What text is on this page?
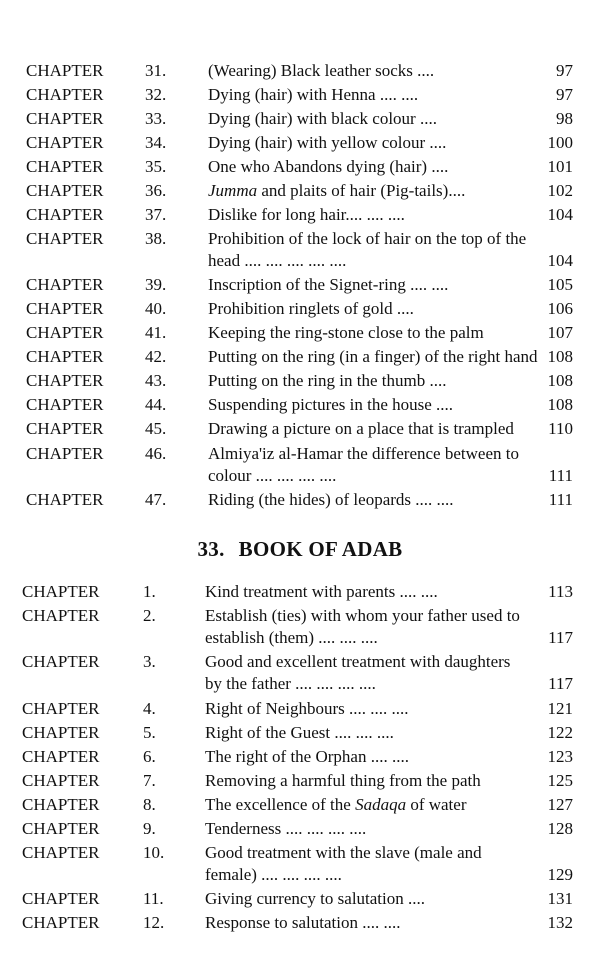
CHAPTER 31. (Wearing) Black leather socks ....	97
CHAPTER 32. Dying (hair) with Henna .... ....	97
CHAPTER 33. Dying (hair) with black colour ....	98
CHAPTER 34. Dying (hair) with yellow colour ....	100
CHAPTER 35. One who Abandons dying (hair) ....	101
CHAPTER 36. Jumma and plaits of hair (Pig-tails)....	102
CHAPTER 37. Dislike for long hair.... .... ....	104
CHAPTER 38. Prohibition of the lock of hair on the top of the
head .... .... .... .... ....	104
CHAPTER 39. Inscription of the Signet-ring .... ....	105
CHAPTER 40. Prohibition ringlets of gold ....	106
CHAPTER 41. Keeping the ring-stone close to the palm	107
CHAPTER 42. Putting on the ring (in a finger) of the right hand 108
CHAPTER 43. Putting on the ring in the thumb ....	108
CHAPTER 44. Suspending pictures in the house ....	108
CHAPTER 45. Drawing a picture on a place that is trampled	110
CHAPTER 46. Almiya'iz al-Hamar the difference between to
colour .... .... .... ....	111
CHAPTER 47. Riding (the hides) of leopards .... ....	111
33. BOOK OF ADAB
CHAPTER	1.	Kind treatment with parents .... ....	113
CHAPTER	2.	Establish (ties) with whom your father used to
establish (them) .... .... ....	117
CHAPTER	3.	Good and excellent treatment with daughters
by the father .... .... .... ....	117
CHAPTER	4.	Right of Neighbours .... .... ....	121
CHAPTER	5.	Right of the Guest .... .... ....	122
CHAPTER	6.	The right of the Orphan .... ....	123
CHAPTER	7.	Removing a harmful thing from the path	125
CHAPTER	8.	The excellence of the Sadaqa of water	127
CHAPTER	9.	Tenderness .... .... .... ....	128
CHAPTER	10. Good treatment with the slave (male and
female) .... .... .... ....	129
CHAPTER	11. Giving currency to salutation ....	131
CHAPTER	12. Response to salutation .... ....	132
